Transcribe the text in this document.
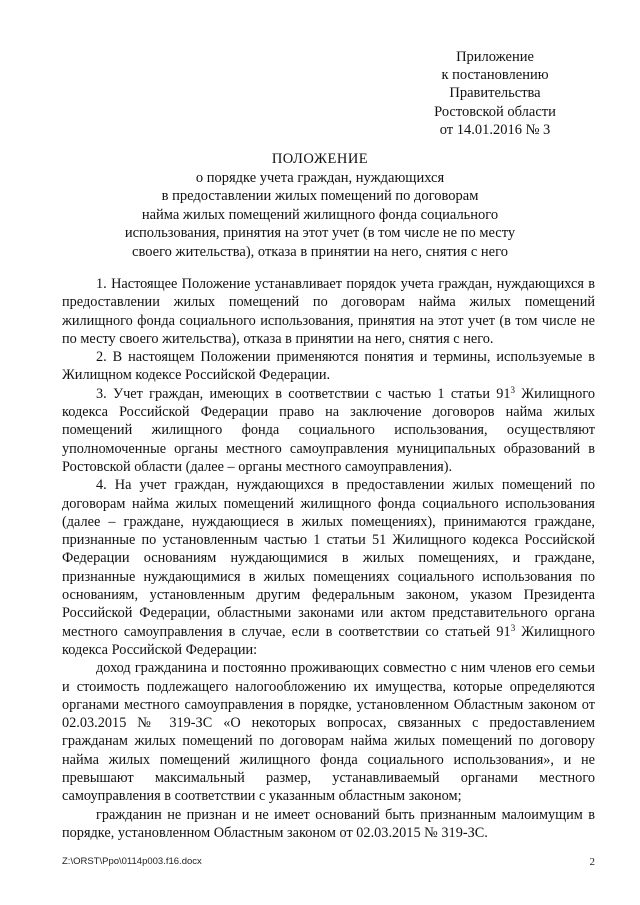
Приложение
к постановлению
Правительства
Ростовской области
от 14.01.2016 № 3
ПОЛОЖЕНИЕ
о порядке учета граждан, нуждающихся
в предоставлении жилых помещений по договорам
найма жилых помещений жилищного фонда социального
использования, принятия на этот учет (в том числе не по месту
своего жительства), отказа в принятии на него, снятия с него

1. Настоящее Положение устанавливает порядок учета граждан, нуждающихся в предоставлении жилых помещений по договорам найма жилых помещений жилищного фонда социального использования, принятия на этот учет (в том числе не по месту своего жительства), отказа в принятии на него, снятия с него.

2. В настоящем Положении применяются понятия и термины, используемые в Жилищном кодексе Российской Федерации.

3. Учет граждан, имеющих в соответствии с частью 1 статьи $91^3$ Жилищного кодекса Российской Федерации право на заключение договоров найма жилых помещений жилищного фонда социального использования, осуществляют уполномоченные органы местного самоуправления муниципальных образований в Ростовской области (далее – органы местного самоуправления).

4. На учет граждан, нуждающихся в предоставлении жилых помещений по договорам найма жилых помещений жилищного фонда социального использования (далее – граждане, нуждающиеся в жилых помещениях), принимаются граждане, признанные по установленным частью 1 статьи 51 Жилищного кодекса Российской Федерации основаниям нуждающимися в жилых помещениях, и граждане, признанные нуждающимися в жилых помещениях социального использования по основаниям, установленным другим федеральным законом, указом Президента Российской Федерации, областными законами или актом представительного органа местного самоуправления в случае, если в соответствии со статьей $91^3$ Жилищного кодекса Российской Федерации:

доход гражданина и постоянно проживающих совместно с ним членов его семьи и стоимость подлежащего налогообложению их имущества, которые определяются органами местного самоуправления в порядке, установленном Областным законом от 02.03.2015 № 319-ЗС «О некоторых вопросах, связанных с предоставлением гражданам жилых помещений по договорам найма жилых помещений по договору найма жилых помещений жилищного фонда социального использования», и не превышают максимальный размер, устанавливаемый органами местного самоуправления в соответствии с указанным областным законом;

гражданин не признан и не имеет оснований быть признанным малоимущим в порядке, установленном Областным законом от 02.03.2015 № 319-ЗС.

Z:\ORST\Ppo\0114p003.f16.docx	2
